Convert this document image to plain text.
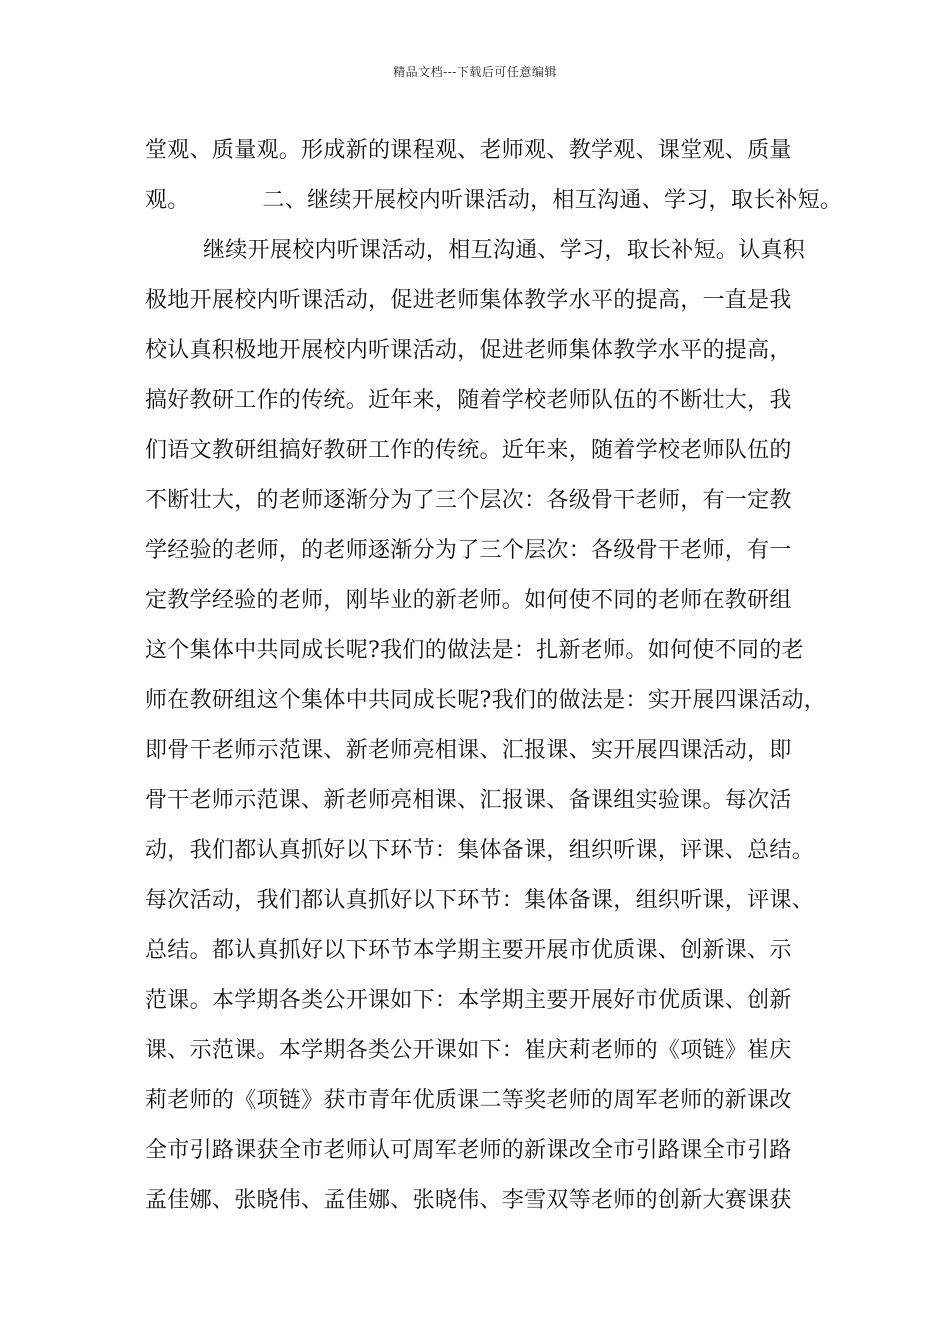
精品文档---下载后可任意编辑
堂观、质量观。形成新的课程观、老师观、教学观、课堂观、质量
观。          二、继续开展校内听课活动，相互沟通、学习，取长补短。
继续开展校内听课活动，相互沟通、学习，取长补短。认真积
极地开展校内听课活动，促进老师集体教学水平的提高，一直是我
校认真积极地开展校内听课活动，促进老师集体教学水平的提高，
搞好教研工作的传统。近年来，随着学校老师队伍的不断壮大，我
们语文教研组搞好教研工作的传统。近年来，随着学校老师队伍的
不断壮大，的老师逐渐分为了三个层次：各级骨干老师，有一定教
学经验的老师，的老师逐渐分为了三个层次：各级骨干老师，有一
定教学经验的老师，刚毕业的新老师。如何使不同的老师在教研组
这个集体中共同成长呢?我们的做法是：扎新老师。如何使不同的老
师在教研组这个集体中共同成长呢?我们的做法是：实开展四课活动，
即骨干老师示范课、新老师亮相课、汇报课、实开展四课活动，即
骨干老师示范课、新老师亮相课、汇报课、备课组实验课。每次活
动，我们都认真抓好以下环节：集体备课，组织听课，评课、总结。
每次活动，我们都认真抓好以下环节：集体备课，组织听课，评课、
总结。都认真抓好以下环节本学期主要开展市优质课、创新课、示
范课。本学期各类公开课如下：本学期主要开展好市优质课、创新
课、示范课。本学期各类公开课如下：崔庆莉老师的《项链》崔庆
莉老师的《项链》获市青年优质课二等奖老师的周军老师的新课改
全市引路课获全市老师认可周军老师的新课改全市引路课全市引路
孟佳娜、张晓伟、孟佳娜、张晓伟、李雪双等老师的创新大赛课获
